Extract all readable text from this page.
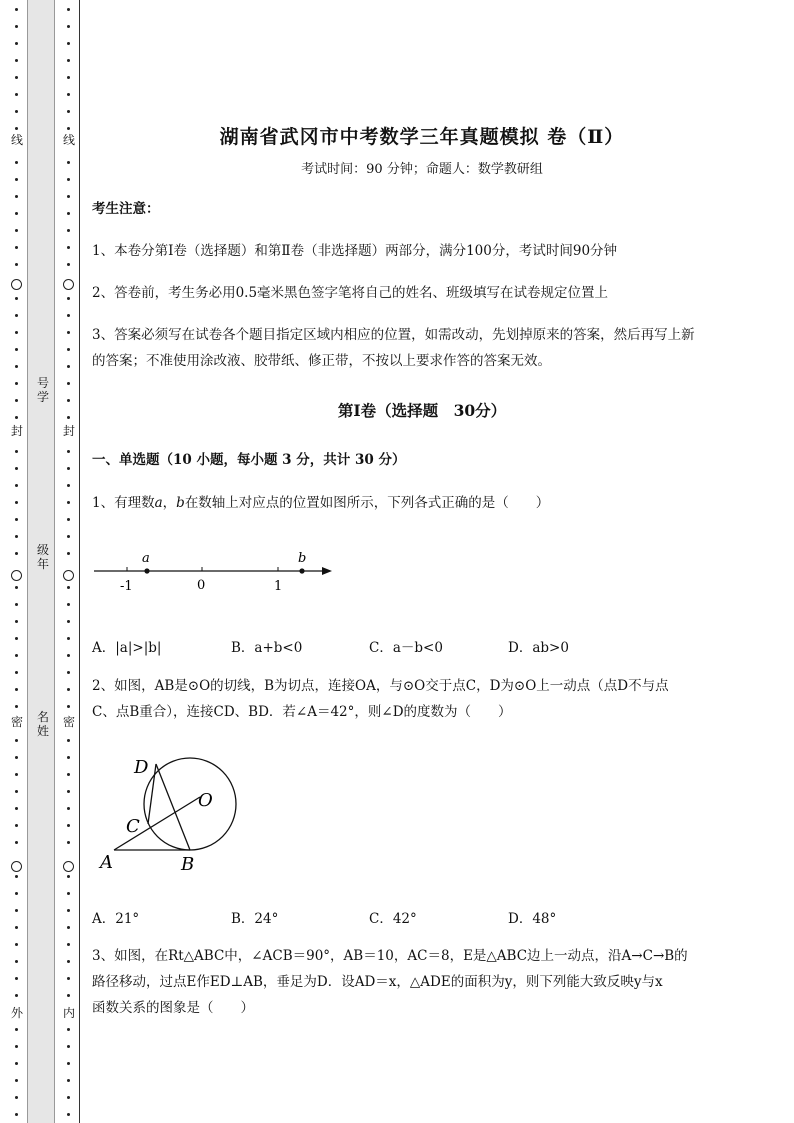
线
封
密
外
线
封
密
内
号学
级年
名姓
湖南省武冈市中考数学三年真题模拟 卷（Ⅱ）
考试时间：90 分钟；命题人：数学教研组
考生注意：
1、本卷分第Ⅰ卷（选择题）和第Ⅱ卷（非选择题）两部分，满分100分，考试时间90分钟
2、答卷前，考生务必用0.5毫米黑色签字笔将自己的姓名、班级填写在试卷规定位置上
3、答案必须写在试卷各个题目指定区域内相应的位置，如需改动，先划掉原来的答案，然后再写上新
的答案；不准使用涂改液、胶带纸、修正带，不按以上要求作答的答案无效。
第Ⅰ卷（选择题　30分）
一、单选题（10 小题，每小题 3 分，共计 30 分）
1、有理数a，b在数轴上对应点的位置如图所示，下列各式正确的是（　　）
a	b
-1	0	1
A．|a|>|b|	B．a+b<0	C．a－b<0	D．ab>0
2、如图，AB是⊙O的切线，B为切点，连接OA，与⊙O交于点C，D为⊙O上一动点（点D不与点
C、点B重合），连接CD、BD．若∠A＝42°，则∠D的度数为（　　）
D
O
C
A	B
A．21°	B．24°	C．42°	D．48°
3、如图，在Rt△ABC中，∠ACB＝90°，AB＝10，AC＝8，E是△ABC边上一动点，沿A→C→B的
路径移动，过点E作ED⊥AB，垂足为D．设AD＝x，△ADE的面积为y，则下列能大致反映y与x
函数关系的图象是（　　）
